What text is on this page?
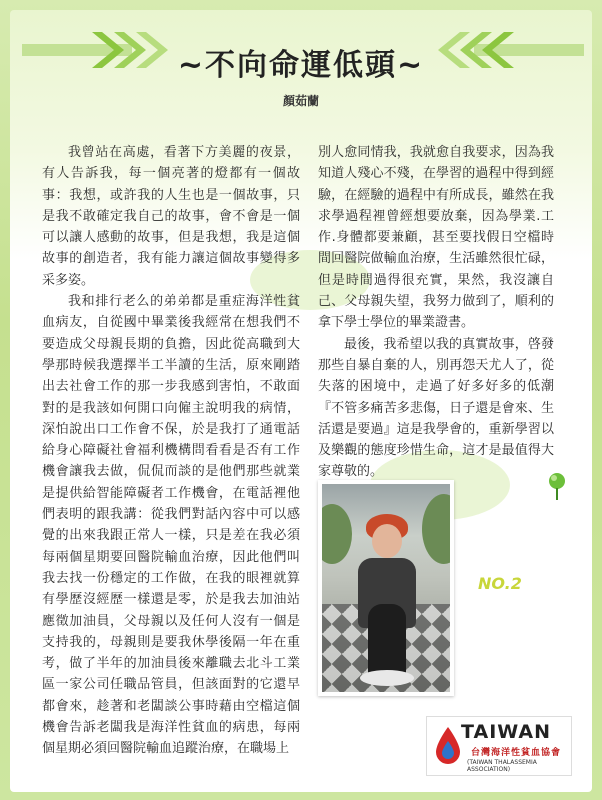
~不向命運低頭~
顏茹蘭

我曾站在高處，看著下方美麗的夜景，有人告訴我，每一個亮著的燈都有一個故事：我想，或許我的人生也是一個故事，只是我不敢確定我自己的故事，會不會是一個可以讓人感動的故事，但是我想，我是這個故事的創造者，我有能力讓這個故事變得多采多姿。

我和排行老么的弟弟都是重症海洋性貧血病友，自從國中畢業後我經常在想我們不要造成父母親長期的負擔，因此從高職到大學那時候我選擇半工半讀的生活，原來剛踏出去社會工作的那一步我感到害怕，不敢面對的是我該如何開口向僱主說明我的病情，深怕說出口工作會不保，於是我打了通電話給身心障礙社會福利機構問看看是否有工作機會讓我去做，侃侃而談的是他們那些就業是提供給智能障礙者工作機會，在電話裡他們表明的跟我講：從我們對話內容中可以感覺的出來我跟正常人一樣，只是差在我必須每兩個星期要回醫院輸血治療，因此他們叫我去找一份穩定的工作做，在我的眼裡就算有學歷沒經歷一樣還是零，於是我去加油站應徵加油員，父母親以及任何人沒有一個是支持我的，母親則是要我休學後隔一年在重考，做了半年的加油員後來離職去北斗工業區一家公司任職品管員，但該面對的它還早都會來，趁著和老闆談公事時藉由空檔這個機會告訴老闆我是海洋性貧血的病患，每兩個星期必須回醫院輸血追蹤治療，在職場上

別人愈同情我，我就愈自我要求，因為我知道人殘心不殘，在學習的過程中得到經驗，在經驗的過程中有所成長，雖然在我求學過程裡曾經想要放棄，因為學業.工作.身體都要兼顧，甚至要找假日空檔時間回醫院做輸血治療，生活雖然很忙碌，但是時間過得很充實，果然，我沒讓自己、父母親失望，我努力做到了，順利的拿下學士學位的畢業證書。

最後，我希望以我的真實故事，啓發那些自暴自棄的人，別再怨天尤人了，從失落的困境中，走過了好多好多的低潮『不管多痛苦多悲傷，日子還是會來、生活還是要過』這是我學會的，重新學習以及樂觀的態度珍惜生命，這才是最值得大家尊敬的。

NO.2
TAIWAN
台灣海洋性貧血協會
(TAIWAN THALASSEMIA ASSOCIATION)
